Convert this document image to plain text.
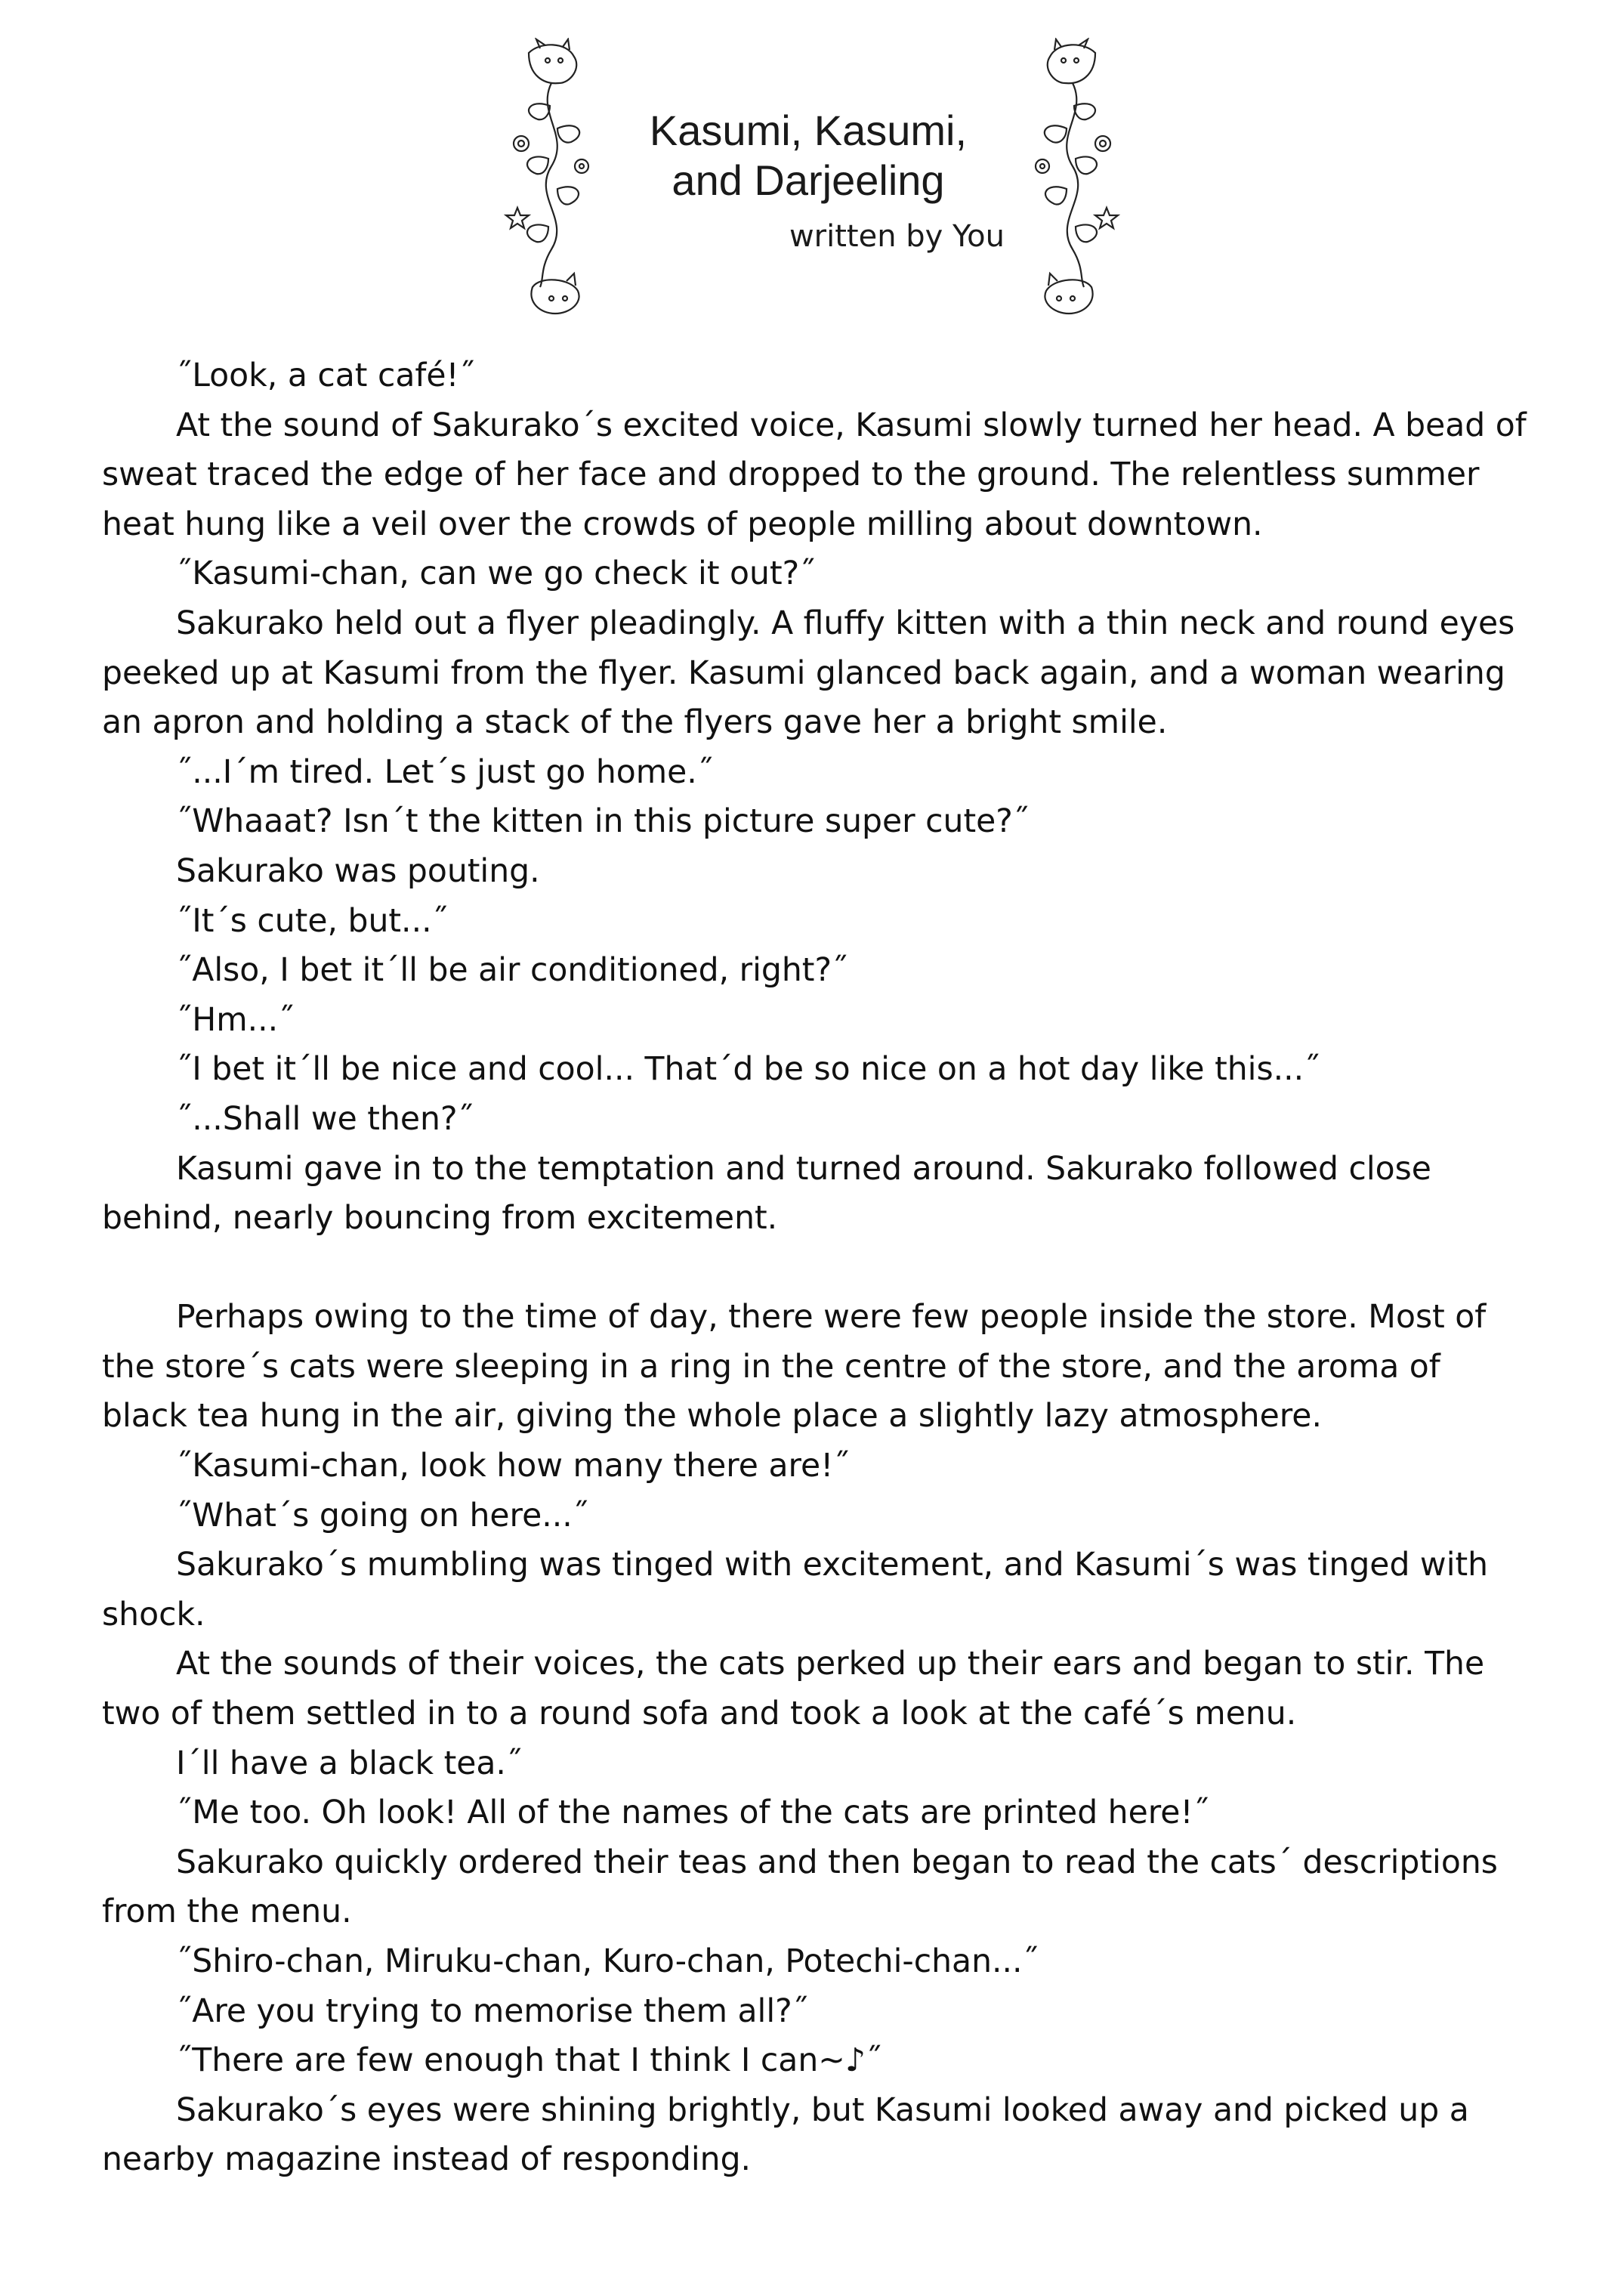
Kasumi, Kasumi,
and Darjeeling
written by You

˝Look, a cat café!˝

At the sound of Sakurako´s excited voice, Kasumi slowly turned her head. A bead of sweat traced the edge of her face and dropped to the ground. The relentless summer heat hung like a veil over the crowds of people milling about downtown.

˝Kasumi-chan, can we go check it out?˝

Sakurako held out a flyer pleadingly. A fluffy kitten with a thin neck and round eyes peeked up at Kasumi from the flyer. Kasumi glanced back again, and a woman wearing an apron and holding a stack of the flyers gave her a bright smile.

˝...I´m tired. Let´s just go home.˝

˝Whaaat? Isn´t the kitten in this picture super cute?˝

Sakurako was pouting.

˝It´s cute, but...˝

˝Also, I bet it´ll be air conditioned, right?˝

˝Hm...˝

˝I bet it´ll be nice and cool... That´d be so nice on a hot day like this...˝

˝...Shall we then?˝

Kasumi gave in to the temptation and turned around. Sakurako followed close behind, nearly bouncing from excitement.

Perhaps owing to the time of day, there were few people inside the store. Most of the store´s cats were sleeping in a ring in the centre of the store, and the aroma of black tea hung in the air, giving the whole place a slightly lazy atmosphere.

˝Kasumi-chan, look how many there are!˝

˝What´s going on here...˝

Sakurako´s mumbling was tinged with excitement, and Kasumi´s was tinged with shock.

At the sounds of their voices, the cats perked up their ears and began to stir. The two of them settled in to a round sofa and took a look at the café´s menu.

I´ll have a black tea.˝

˝Me too. Oh look! All of the names of the cats are printed here!˝

Sakurako quickly ordered their teas and then began to read the cats´ descriptions from the menu.

˝Shiro-chan, Miruku-chan, Kuro-chan, Potechi-chan...˝

˝Are you trying to memorise them all?˝

˝There are few enough that I think I can~♪˝

Sakurako´s eyes were shining brightly, but Kasumi looked away and picked up a nearby magazine instead of responding.
